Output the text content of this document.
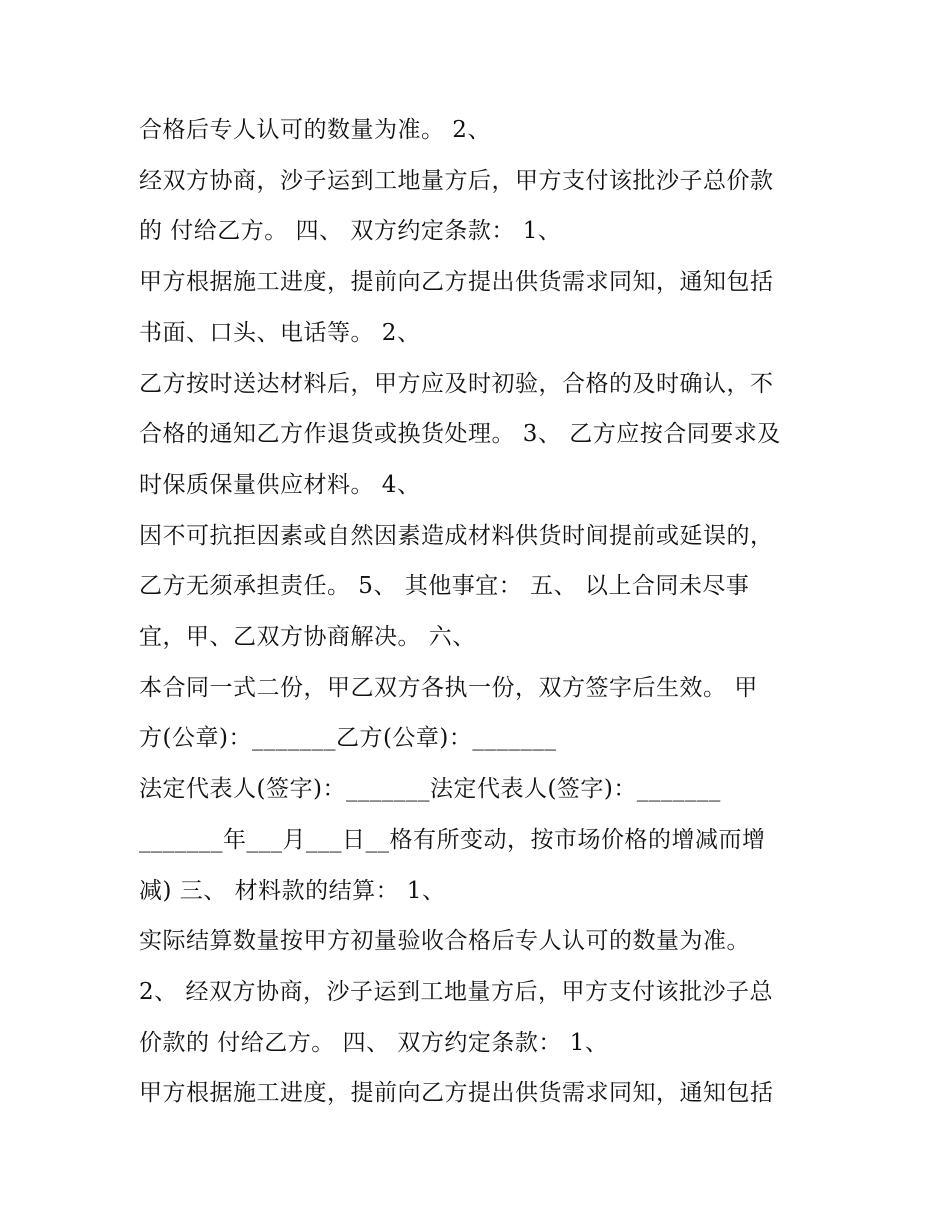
合格后专人认可的数量为准。 2、
经双方协商，沙子运到工地量方后，甲方支付该批沙子总价款
的 付给乙方。 四、 双方约定条款： 1、
甲方根据施工进度，提前向乙方提出供货需求同知，通知包括
书面、口头、电话等。 2、
乙方按时送达材料后，甲方应及时初验，合格的及时确认，不
合格的通知乙方作退货或换货处理。 3、 乙方应按合同要求及
时保质保量供应材料。 4、
因不可抗拒因素或自然因素造成材料供货时间提前或延误的，
乙方无须承担责任。 5、 其他事宜： 五、 以上合同未尽事
宜，甲、乙双方协商解决。 六、
本合同一式二份，甲乙双方各执一份，双方签字后生效。 甲
方(公章)：_______乙方(公章)：_______
法定代表人(签字)：_______法定代表人(签字)：_______
_______年___月___日__格有所变动，按市场价格的增减而增
减) 三、 材料款的结算： 1、
实际结算数量按甲方初量验收合格后专人认可的数量为准。
2、 经双方协商，沙子运到工地量方后，甲方支付该批沙子总
价款的 付给乙方。 四、 双方约定条款： 1、
甲方根据施工进度，提前向乙方提出供货需求同知，通知包括
